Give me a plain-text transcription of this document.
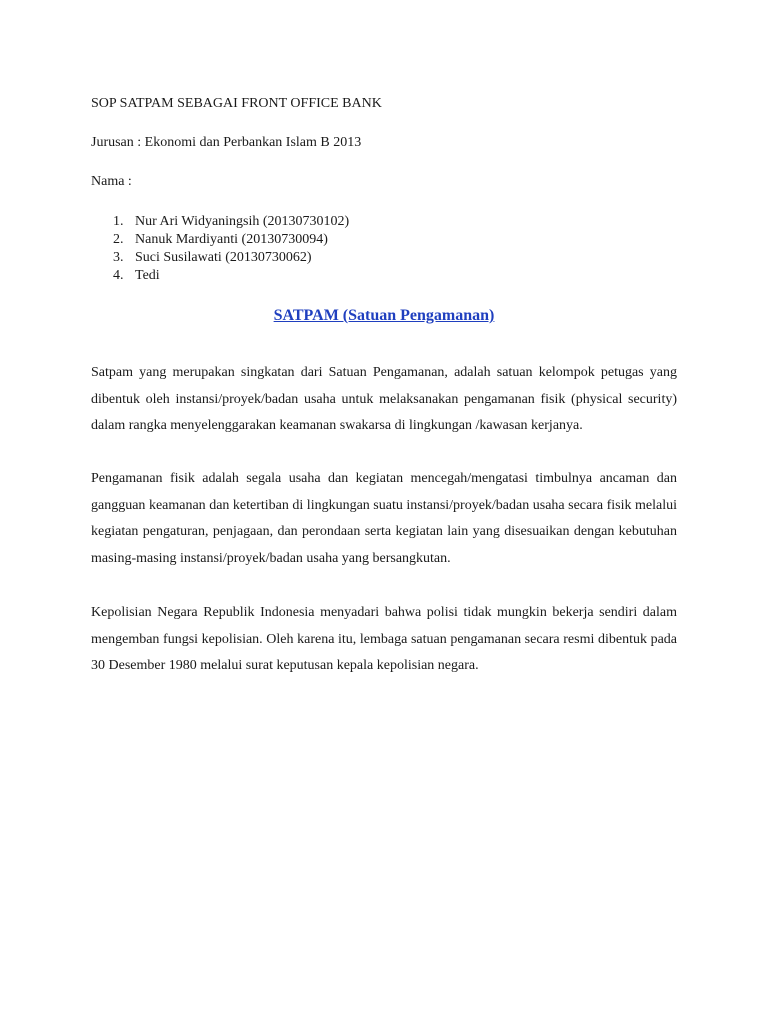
SOP SATPAM SEBAGAI FRONT OFFICE BANK
Jurusan : Ekonomi dan Perbankan Islam B 2013
Nama :
1. Nur Ari Widyaningsih (20130730102)
2. Nanuk Mardiyanti (20130730094)
3. Suci Susilawati (20130730062)
4. Tedi
SATPAM (Satuan Pengamanan)

Satpam yang merupakan singkatan dari Satuan Pengamanan, adalah satuan kelompok petugas yang dibentuk oleh instansi/proyek/badan usaha untuk melaksanakan pengamanan fisik (physical security) dalam rangka menyelenggarakan keamanan swakarsa di lingkungan /kawasan kerjanya.

Pengamanan fisik adalah segala usaha dan kegiatan mencegah/mengatasi timbulnya ancaman dan gangguan keamanan dan ketertiban di lingkungan suatu instansi/proyek/badan usaha secara fisik melalui kegiatan pengaturan, penjagaan, dan perondaan serta kegiatan lain yang disesuaikan dengan kebutuhan masing-masing instansi/proyek/badan usaha yang bersangkutan.

Kepolisian Negara Republik Indonesia menyadari bahwa polisi tidak mungkin bekerja sendiri dalam mengemban fungsi kepolisian. Oleh karena itu, lembaga satuan pengamanan secara resmi dibentuk pada 30 Desember 1980 melalui surat keputusan kepala kepolisian negara.
